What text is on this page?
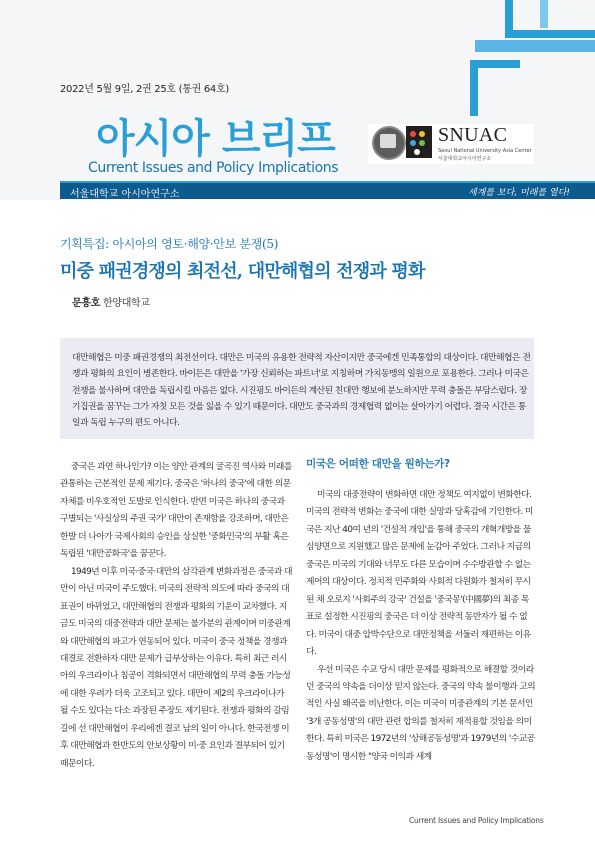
2022년 5월 9일, 2권 25호 (통권 64호)
아시아 브리프
Current Issues and Policy Implications
SNUAC
Seoul National University Asia Center
서울대학교아시아연구소
서울대학교 아시아연구소	세계를 보다, 미래를 열다!
기획특집: 아시아의 영토·해양·안보 분쟁(5)
미중 패권경쟁의 최전선, 대만해협의 전쟁과 평화
문흥호 한양대학교
대만해협은 미중 패권경쟁의 최전선이다. 대만은 미국의 유용한 전략적 자산이지만 중국에겐 민족통합의 대상이다. 대만해협은 전쟁과 평화의 요인이 병존한다. 바이든은 대만을 '가장 신뢰하는 파트너'로 지칭하며 가치동맹의 일원으로 포용한다. 그러나 미국은 전쟁을 불사하며 대만을 독립시킬 마음은 없다. 시진핑도 바이든의 계산된 친대만 행보에 분노하지만 무력 충돌은 부담스럽다. 장기집권을 꿈꾸는 그가 자칫 모든 것을 잃을 수 있기 때문이다. 대만도 중국과의 경제협력 없이는 살아가기 어렵다. 결국 시간은 통일과 독립 누구의 편도 아니다.

중국은 과연 하나인가? 이는 양안 관계의 굴곡진 역사와 미래를 관통하는 근본적인 문제 제기다. 중국은 '하나의 중국'에 대한 의문 자체를 비우호적인 도발로 인식한다. 반면 미국은 하나의 중국과 구별되는 '사실상의 주권 국가' 대만이 존재함을 강조하며, 대만은 한발 더 나아가 국제사회의 승인을 상실한 '중화민국'의 부활 혹은 독립된 '대만공화국'을 꿈꾼다.

1949년 이후 미국·중국·대만의 삼각관계 변화과정은 중국과 대만이 아닌 미국이 주도했다. 미국의 전략적 의도에 따라 중국의 대표권이 바뀌었고, 대만해협의 전쟁과 평화의 기운이 교차했다. 지금도 미국의 대중전략과 대만 문제는 불가분의 관계이며 미중관계와 대만해협의 파고가 연동되어 있다. 미국이 중국 정책을 경쟁과 대결로 전환하자 대만 문제가 급부상하는 이유다. 특히 최근 러시아의 우크라이나 침공이 격화되면서 대만해협의 무력 충돌 가능성에 대한 우려가 더욱 고조되고 있다. 대만이 제2의 우크라이나가 될 수도 있다는 다소 과장된 주장도 제기된다. 전쟁과 평화의 갈림길에 선 대만해협이 우리에겐 결코 남의 일이 아니다. 한국전쟁 이후 대만해협과 한반도의 안보상황이 미·중 요인과 결부되어 있기 때문이다.

미국은 어떠한 대만을 원하는가?

미국의 대중전략이 변화하면 대만 정책도 여지없이 변화한다. 미국의 전략적 변화는 중국에 대한 실망과 당혹감에 기인한다. 미국은 지난 40여 년의 '건설적 개입'을 통해 중국의 개혁개방을 물심양면으로 지원했고 많은 문제에 눈감아 주었다. 그러나 지금의 중국은 미국의 기대와 너무도 다른 모습이며 수수방관할 수 없는 제어의 대상이다. 정치적 민주화와 사회적 다원화가 철저히 무시된 채 오로지 '사회주의 강국' 건설을 '중국몽'(中國夢)의 최종 목표로 설정한 시진핑의 중국은 더 이상 전략적 동반자가 될 수 없다. 미국이 대중 압박수단으로 대만정책을 서둘러 재편하는 이유다.

우선 미국은 수교 당시 대만 문제를 평화적으로 해결할 것이라던 중국의 약속을 더이상 믿지 않는다. 중국의 약속 불이행과 고의적인 사실 왜곡을 비난한다. 이는 미국이 미중관계의 기본 문서인 '3개 공동성명'의 대만 관련 합의를 철저히 재적용할 것임을 의미한다. 특히 미국은 1972년의 '상해공동성명'과 1979년의 '수교공동성명'이 명시한 "양국 이익과 세계

Current Issues and Policy Implications
